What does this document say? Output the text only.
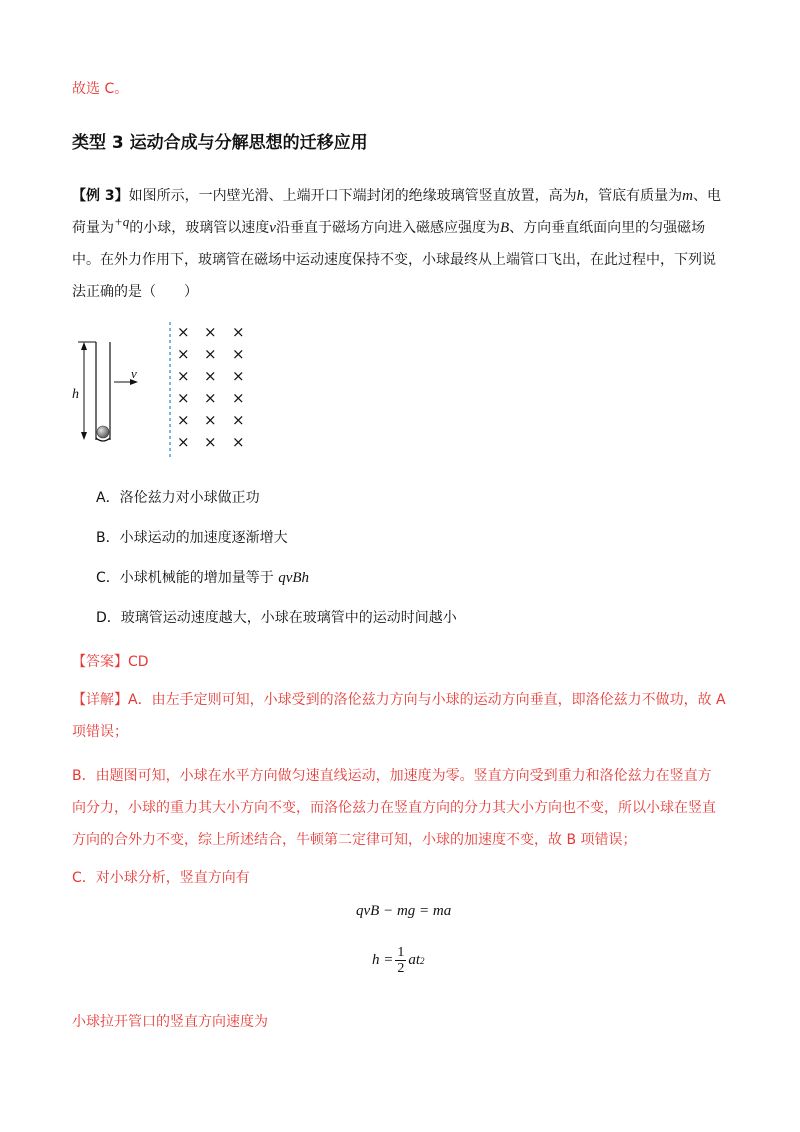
故选 C。
类型 3 运动合成与分解思想的迁移应用
【例 3】如图所示，一内壁光滑、上端开口下端封闭的绝缘玻璃管竖直放置，高为h，管底有质量为m、电
荷量为+q的小球，玻璃管以速度v沿垂直于磁场方向进入磁感应强度为B、方向垂直纸面向里的匀强磁场
中。在外力作用下，玻璃管在磁场中运动速度保持不变，小球最终从上端管口飞出，在此过程中，下列说
法正确的是（　　）
h
v
× × ×
× × ×
× × ×
× × ×
× × ×
× × ×
A．洛伦兹力对小球做正功
B．小球运动的加速度逐渐增大
C．小球机械能的增加量等于 qvBh
D．玻璃管运动速度越大，小球在玻璃管中的运动时间越小
【答案】CD
【详解】A．由左手定则可知，小球受到的洛伦兹力方向与小球的运动方向垂直，即洛伦兹力不做功，故 A
项错误；
B．由题图可知，小球在水平方向做匀速直线运动，加速度为零。竖直方向受到重力和洛伦兹力在竖直方
向分力，小球的重力其大小方向不变，而洛伦兹力在竖直方向的分力其大小方向也不变，所以小球在竖直
方向的合外力不变，综上所述结合，牛顿第二定律可知，小球的加速度不变，故 B 项错误；
C．对小球分析，竖直方向有
qvB − mg = ma
$h = \frac{1}{2}$ at 2
小球拉开管口的竖直方向速度为
